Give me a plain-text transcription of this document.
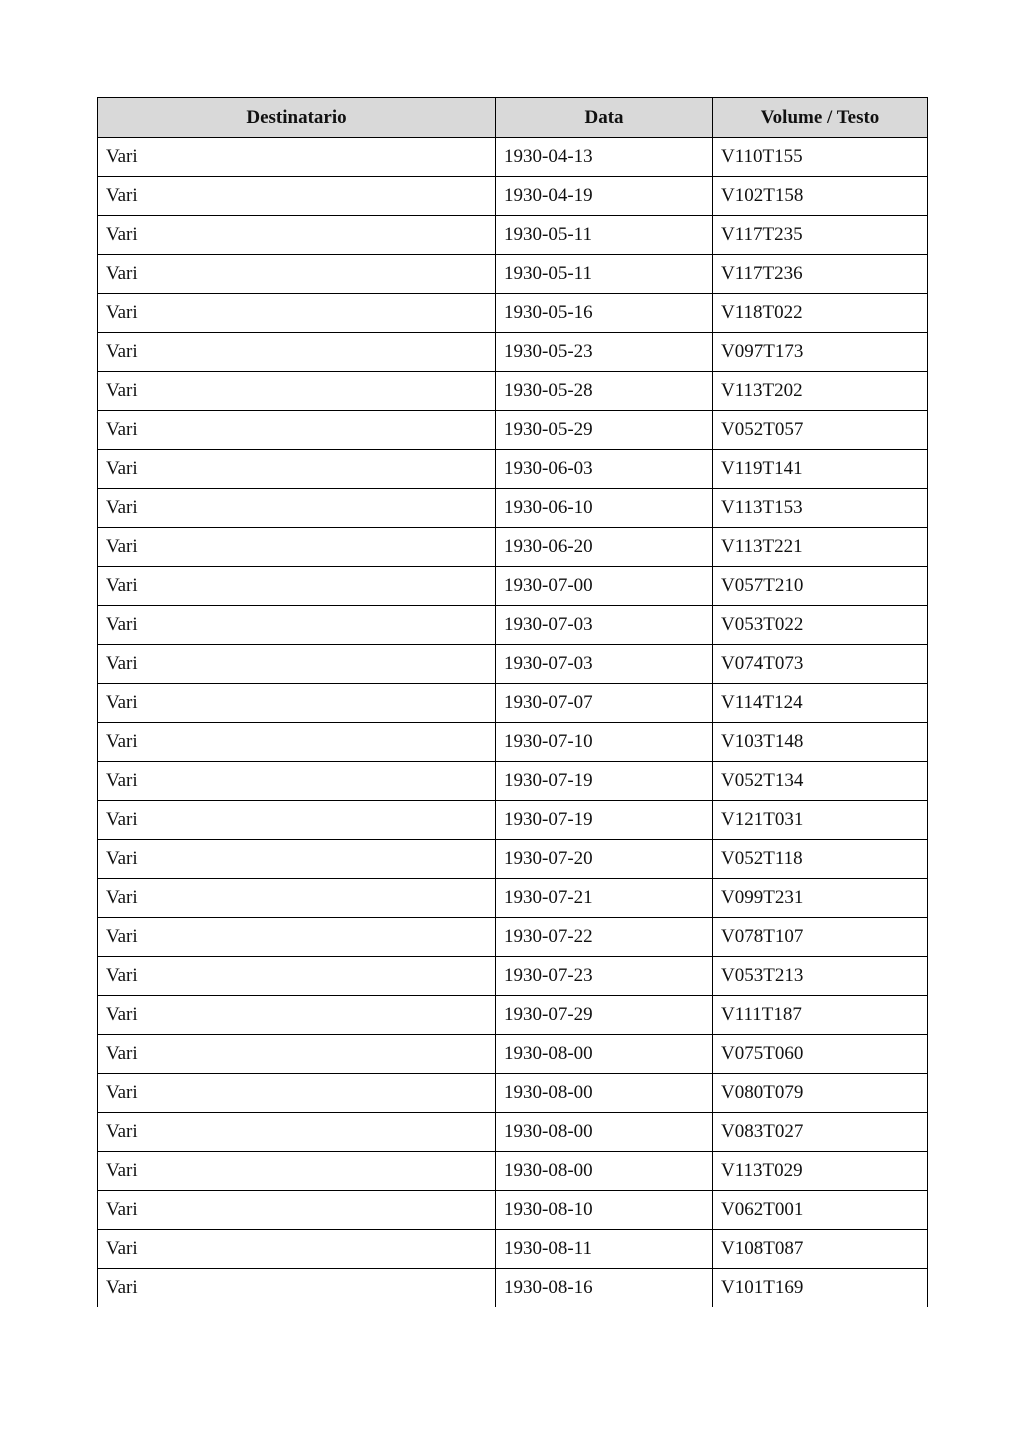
Destinatario	Data	Volume / Testo
Vari	1930-04-13	V110T155
Vari	1930-04-19	V102T158
Vari	1930-05-11	V117T235
Vari	1930-05-11	V117T236
Vari	1930-05-16	V118T022
Vari	1930-05-23	V097T173
Vari	1930-05-28	V113T202
Vari	1930-05-29	V052T057
Vari	1930-06-03	V119T141
Vari	1930-06-10	V113T153
Vari	1930-06-20	V113T221
Vari	1930-07-00	V057T210
Vari	1930-07-03	V053T022
Vari	1930-07-03	V074T073
Vari	1930-07-07	V114T124
Vari	1930-07-10	V103T148
Vari	1930-07-19	V052T134
Vari	1930-07-19	V121T031
Vari	1930-07-20	V052T118
Vari	1930-07-21	V099T231
Vari	1930-07-22	V078T107
Vari	1930-07-23	V053T213
Vari	1930-07-29	V111T187
Vari	1930-08-00	V075T060
Vari	1930-08-00	V080T079
Vari	1930-08-00	V083T027
Vari	1930-08-00	V113T029
Vari	1930-08-10	V062T001
Vari	1930-08-11	V108T087
Vari	1930-08-16	V101T169
